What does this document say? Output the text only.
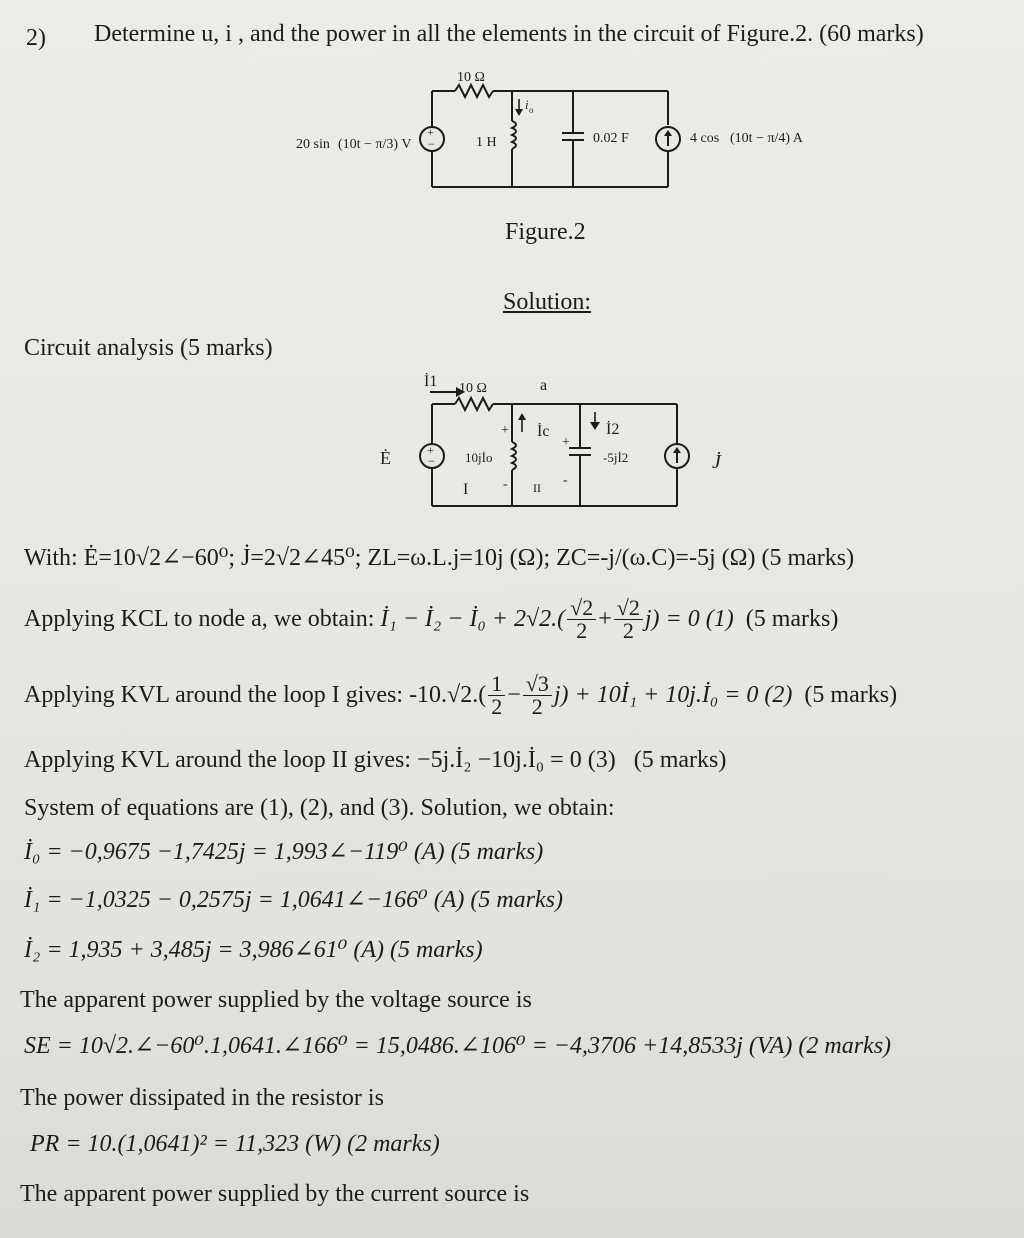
2) Determine u, i , and the power in all the elements in the circuit of Figure.2. (60 marks)
+
−
10 Ω
20 sin (10t − π/3) V	1 H
i o
0.02 F	4 cos (10t − π/4) A
Figure.2
Solution:
Circuit analysis (5 marks)
+
−
İ1 10 Ω	a
+ İc
+
İ2
Ė	10jİo	-5jİ2	J̇
I - II -
With: Ė=10√2∠−60⁰; J̇=2√2∠45⁰; ZL=ω.L.j=10j (Ω); ZC=-j/(ω.C)=-5j (Ω) (5 marks)
Applying KCL to node a, we obtain:
İ₁ − İ₂ − İ₀ + $2√2.( \frac{√2}{2} + \frac{√2}{2} j) = 0$ (1)
(5 marks)
Applying KVL around the loop I gives:
$-10.√2.( \frac{1}{2} - \frac{√3}{2} j)$ + 10İ₁ + 10j.İ₀ = 0 (2)
(5 marks)
Applying KVL around the loop II gives: −5j.İ₂ −10j.İ₀ = 0 (3) (5 marks)
System of equations are (1), (2), and (3). Solution, we obtain:
İ₀ = −0,9675 −1,7425j = 1,993∠−119⁰ (A) (5 marks)
İ₁ = −1,0325 − 0,2575j = 1,0641∠−166⁰ (A) (5 marks)
İ₂ = 1,935 + 3,485j = 3,986∠61⁰ (A) (5 marks)
The apparent power supplied by the voltage source is
SE = 10√2.∠−60⁰.1,0641.∠166⁰ = 15,0486.∠106⁰ = −4,3706 +14,8533j (VA) (2 marks)
The power dissipated in the resistor is
PR = 10.(1,0641)² = 11,323 (W) (2 marks)
The apparent power supplied by the current source is
